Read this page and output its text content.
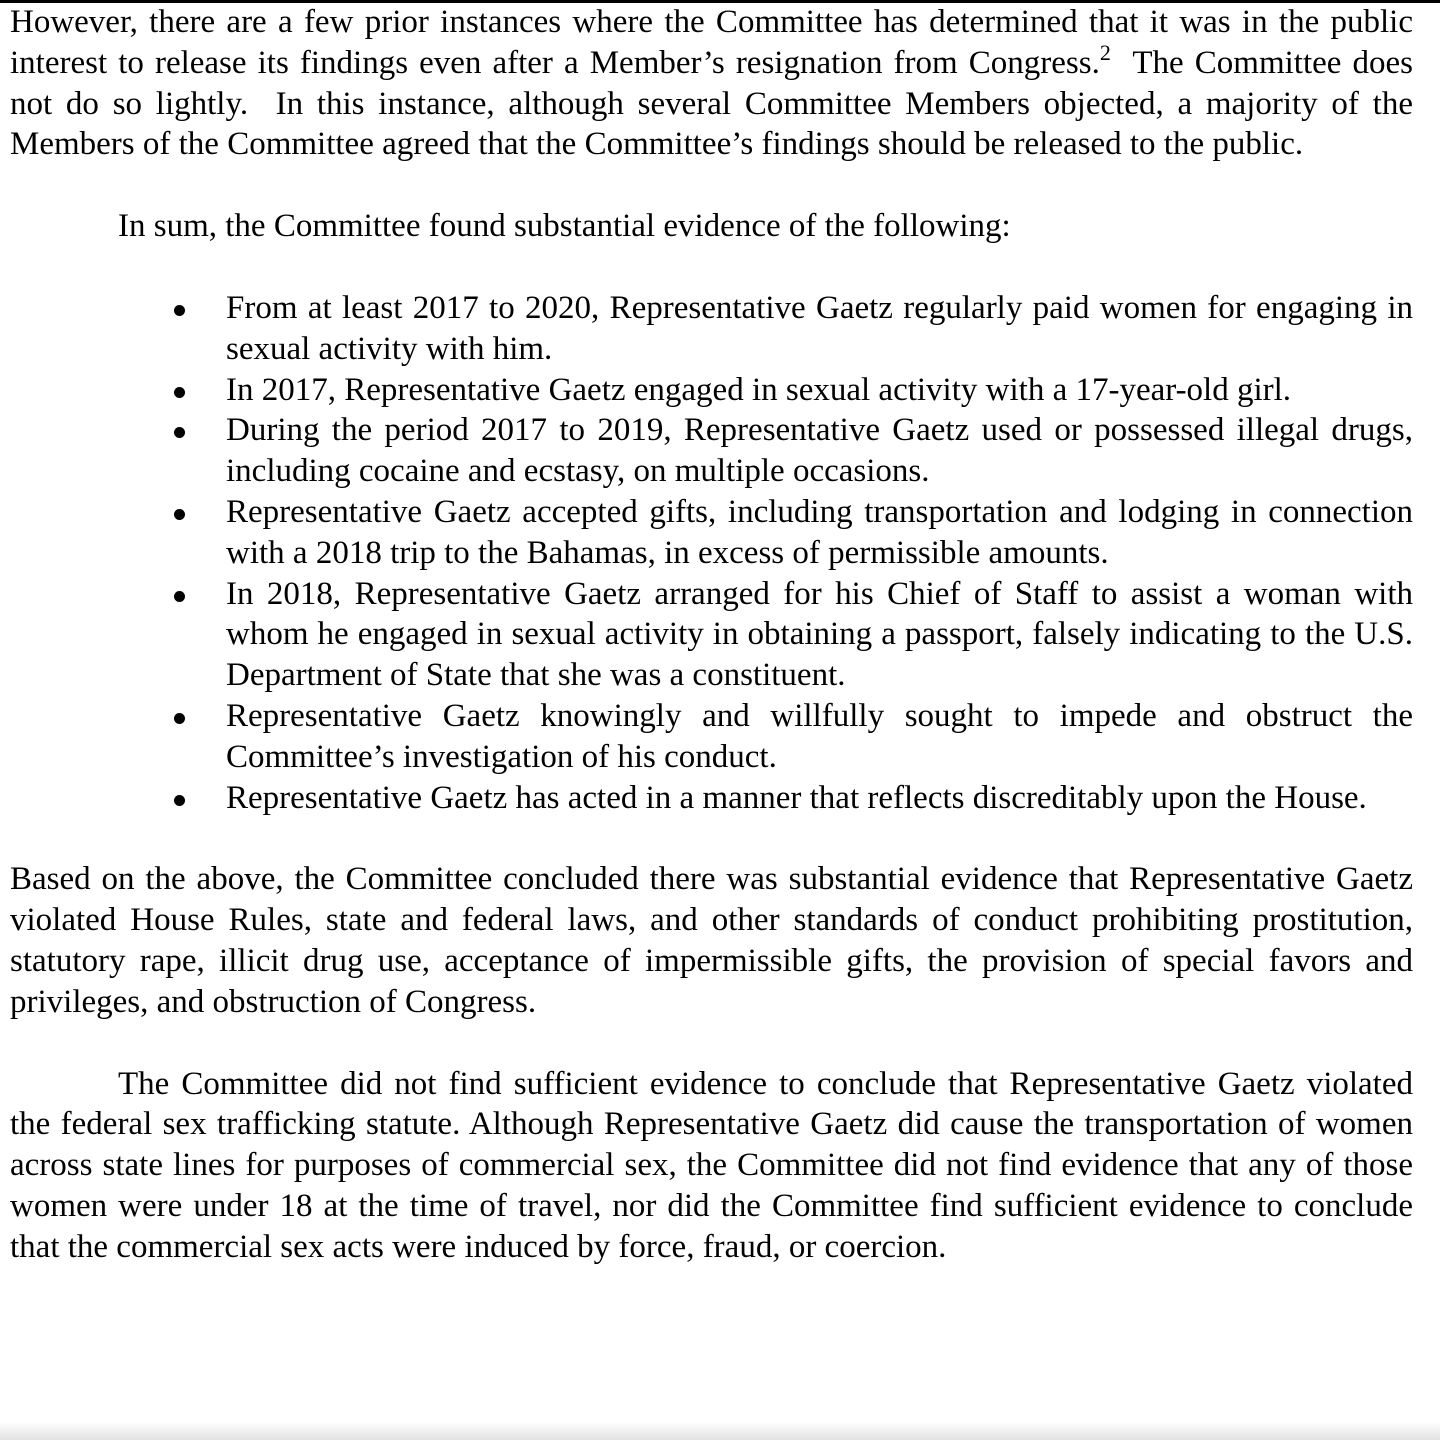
However, there are a few prior instances where the Committee has determined that it was in the public interest to release its findings even after a Member’s resignation from Congress.$^2$  The Committee does not do so lightly.  In this instance, although several Committee Members objected, a majority of the Members of the Committee agreed that the Committee’s findings should be released to the public.

In sum, the Committee found substantial evidence of the following:

From at least 2017 to 2020, Representative Gaetz regularly paid women for engaging in sexual activity with him.
In 2017, Representative Gaetz engaged in sexual activity with a 17-year-old girl.
During the period 2017 to 2019, Representative Gaetz used or possessed illegal drugs, including cocaine and ecstasy, on multiple occasions.
Representative Gaetz accepted gifts, including transportation and lodging in connection with a 2018 trip to the Bahamas, in excess of permissible amounts.
In 2018, Representative Gaetz arranged for his Chief of Staff to assist a woman with whom he engaged in sexual activity in obtaining a passport, falsely indicating to the U.S. Department of State that she was a constituent.
Representative Gaetz knowingly and willfully sought to impede and obstruct the Committee’s investigation of his conduct.
Representative Gaetz has acted in a manner that reflects discreditably upon the House.

Based on the above, the Committee concluded there was substantial evidence that Representative Gaetz violated House Rules, state and federal laws, and other standards of conduct prohibiting prostitution, statutory rape, illicit drug use, acceptance of impermissible gifts, the provision of special favors and privileges, and obstruction of Congress.

The Committee did not find sufficient evidence to conclude that Representative Gaetz violated the federal sex trafficking statute. Although Representative Gaetz did cause the transportation of women across state lines for purposes of commercial sex, the Committee did not find evidence that any of those women were under 18 at the time of travel, nor did the Committee find sufficient evidence to conclude that the commercial sex acts were induced by force, fraud, or coercion.
